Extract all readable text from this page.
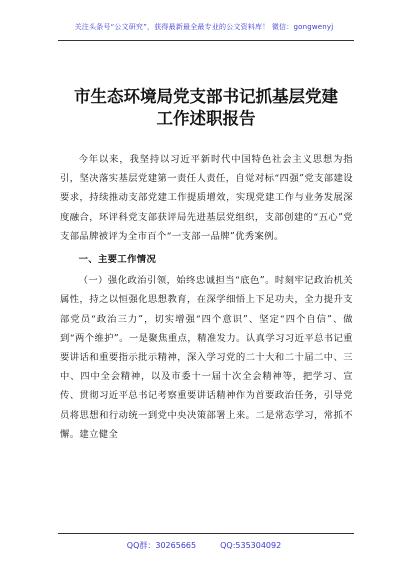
关注头条号“公文研究”，获得最新最全最专业的公文资料库！ 微信：gongwenyj
市生态环境局党支部书记抓基层党建
工作述职报告

今年以来，我坚持以习近平新时代中国特色社会主义思想为指引，坚决落实基层党建第一责任人责任，自觉对标“四强”党支部建设要求，持续推动支部党建工作提质增效，实现党建工作与业务发展深度融合，环评科党支部获评局先进基层党组织，支部创建的“五心”党支部品牌被评为全市百个“一支部一品牌”优秀案例。

一、主要工作情况

（一）强化政治引领，始终忠诚担当“底色”。时刻牢记政治机关属性，持之以恒强化思想教育，在深学细悟上下足功夫，全力提升支部党员“政治三力”，切实增强“四个意识”、坚定“四个自信”、做到“两个维护”。一是聚焦重点，精准发力。认真学习习近平总书记重要讲话和重要指示批示精神，深入学习党的二十大和二十届二中、三中、四中全会精神，以及市委十一届十次全会精神等，把学习、宣传、贯彻习近平总书记考察重要讲话精神作为首要政治任务，引导党员将思想和行动统一到党中央决策部署上来。二是常态学习，常抓不懈。建立健全

QQ群：30265665	QQ:535304092
